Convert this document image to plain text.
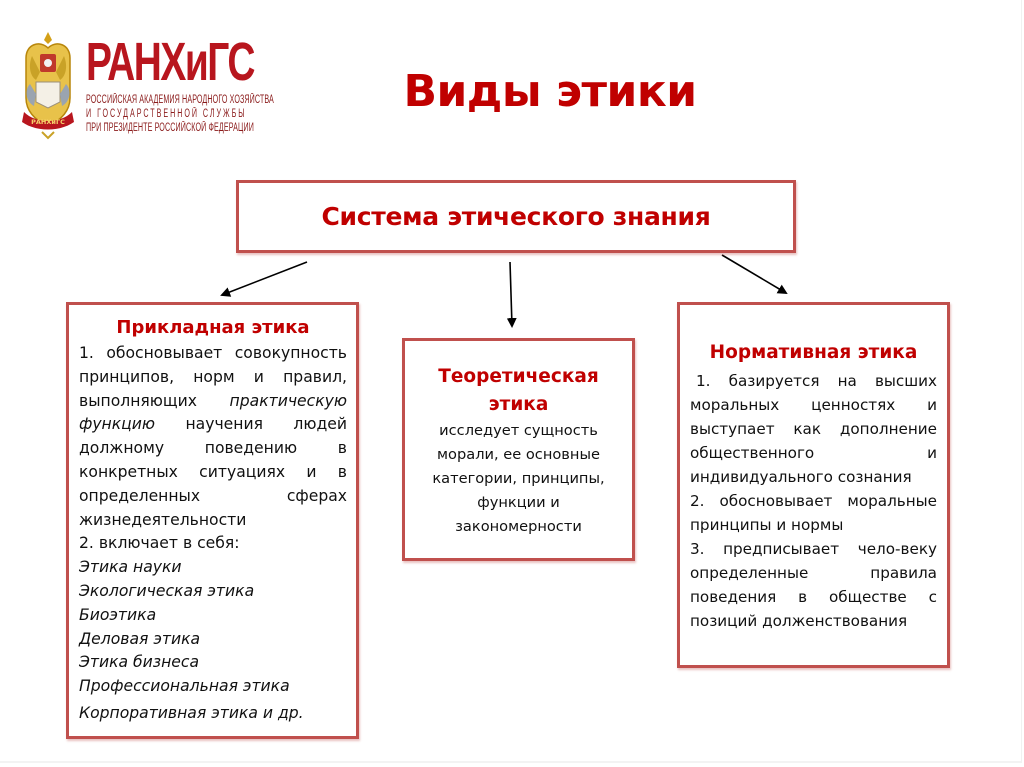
РАНХиГС
РАНХиГС
РОССИЙСКАЯ АКАДЕМИЯ НАРОДНОГО ХОЗЯЙСТВА
И ГОСУДАРСТВЕННОЙ СЛУЖБЫ
ПРИ ПРЕЗИДЕНТЕ РОССИЙСКОЙ ФЕДЕРАЦИИ
Виды этики
Система этического знания
Прикладная этика
1. обосновывает совокупность принципов, норм и правил, выполняющих практическую функцию научения людей должному поведению в конкретных ситуациях и в определенных сферах жизнедеятельности
2. включает в себя:
Этика науки
Экологическая этика
Биоэтика
Деловая этика
Этика бизнеса
Профессиональная этика
Корпоративная этика и др.
Теоретическая
этика
исследует сущность
морали, ее основные
категории, принципы,
функции и
закономерности
Нормативная этика
1. базируется на высших моральных ценностях и выступает как дополнение общественного и индивидуального сознания
2. обосновывает моральные принципы и нормы
3. предписывает чело-веку определенные правила поведения в обществе с позиций долженствования
